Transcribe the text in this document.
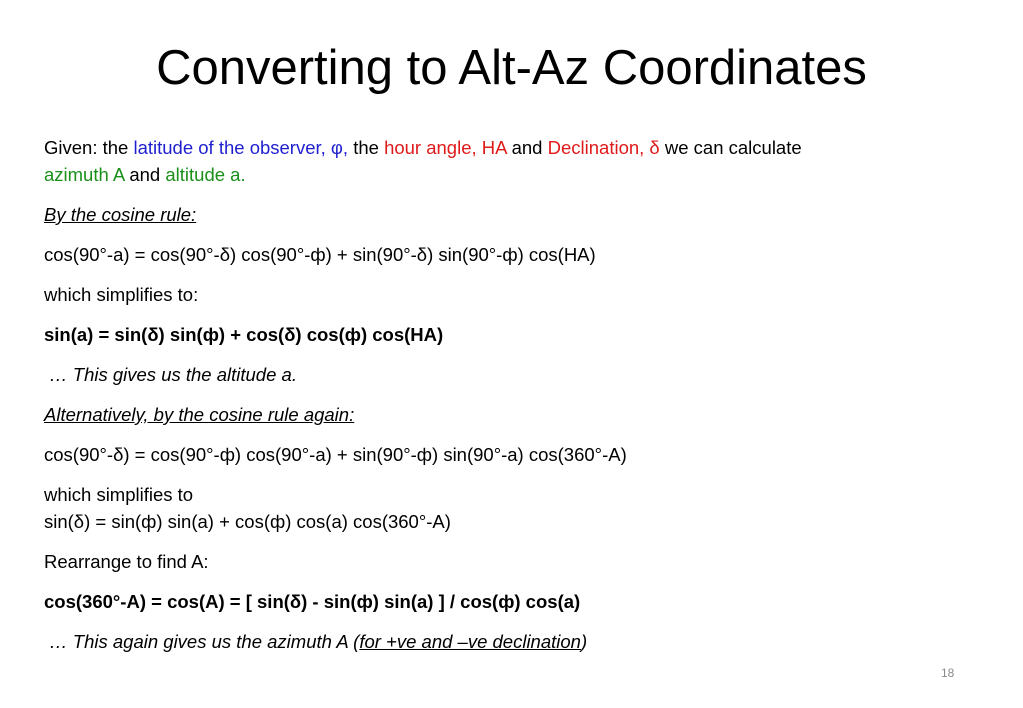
Converting to Alt-Az Coordinates

Given: the latitude of the observer, φ, the hour angle, HA and Declination, δ we can calculate
azimuth A and altitude a.

By the cosine rule:

cos(90°-a) = cos(90°-δ) cos(90°-ф) + sin(90°-δ) sin(90°-ф) cos(HA)

which simplifies to:

sin(a) = sin(δ) sin(ф) + cos(δ) cos(ф) cos(HA)

… This gives us the altitude a.

Alternatively, by the cosine rule again:

cos(90°-δ) = cos(90°-ф) cos(90°-a) + sin(90°-ф) sin(90°-a) cos(360°-A)

which simplifies to
sin(δ) = sin(ф) sin(a) + cos(ф) cos(a) cos(360°-A)

Rearrange to find A:

cos(360°-A) = cos(A) = [ sin(δ) - sin(ф) sin(a) ] / cos(ф) cos(a)

… This again gives us the azimuth A (for +ve and –ve declination)

18
